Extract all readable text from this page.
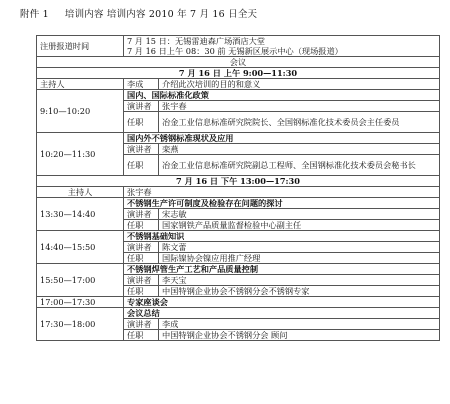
附件 1 培训内容 培训内容 2010 年 7 月 16 日全天
注册报道时间	7 月 15 日：无锡雷迪森广场酒店大堂	
	7 月 16 日上午 08：30 前 无锡新区展示中心（现场报道）	
会议		
7 月 16 日 上午 9:00—11:30		
主持人	李成	介绍此次培训的目的和意义
9:10—10:20	国内、国际标准化政策	
	演讲者	张宇春
	任职	冶金工业信息标准研究院院长、全国钢标准化技术委员会主任委员
10:20—11:30	国内外不锈钢标准现状及应用	
	演讲者	栾燕
	任职	冶金工业信息标准研究院副总工程师、全国钢标准化技术委员会秘书长
7 月 16 日 下午 13:00—17:30		
主持人	张宇春	
13:30—14:40	不锈钢生产许可制度及检验存在问题的探讨	
	演讲者	宋志敏
	任职	国家钢铁产品质量监督检验中心副主任
14:40—15:50	不锈钢基础知识	
	演讲者	陈文蕾
	任职	国际镍协会镍应用推广经理
15:50—17:00	不锈钢焊管生产工艺和产品质量控制	
	演讲者	李天宝
	任职	中国特钢企业协会不锈钢分会不锈钢专家
17:00—17:30	专家座谈会	
17:30—18:00	会议总结	
	演讲者	李成
	任职	中国特钢企业协会不锈钢分会 顾问
